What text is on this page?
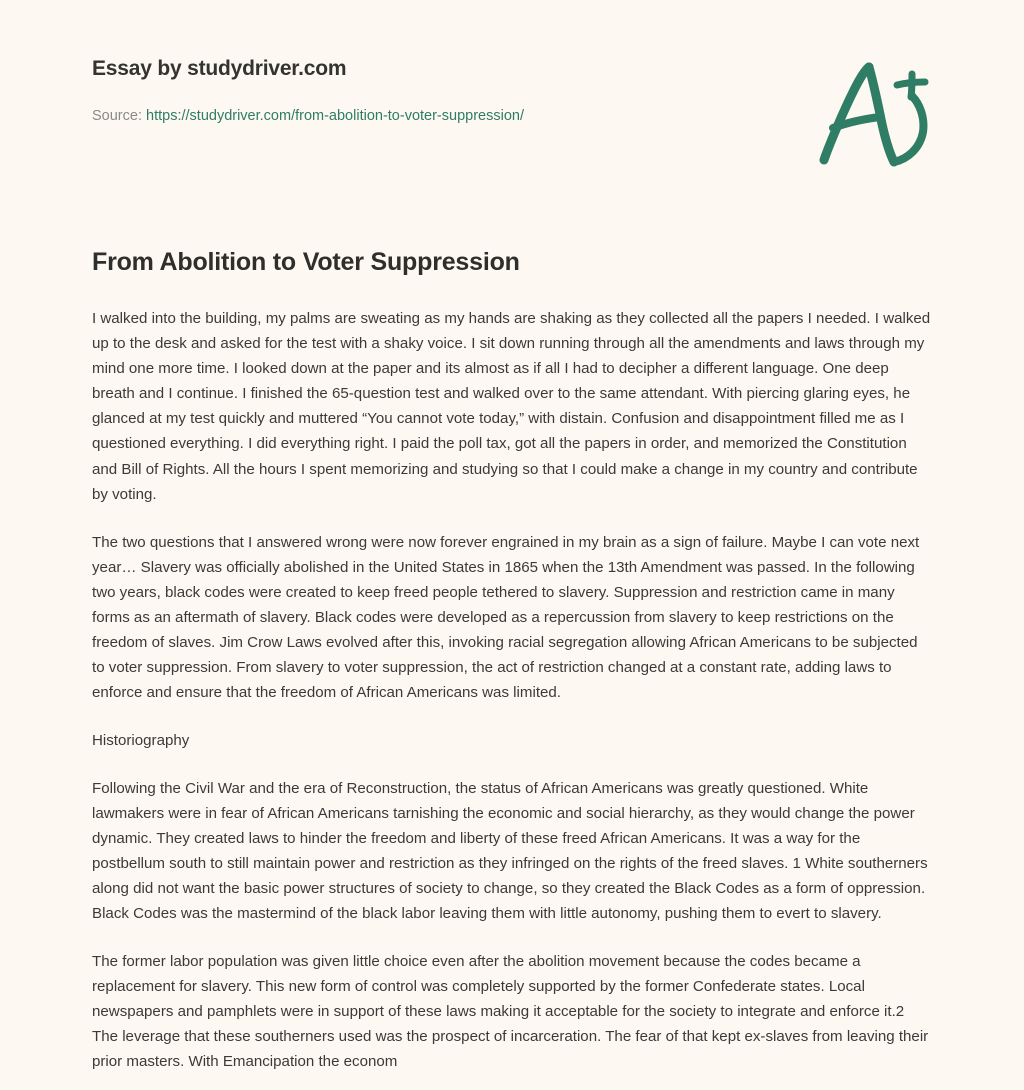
Essay by studydriver.com

Source: https://studydriver.com/from-abolition-to-voter-suppression/
From Abolition to Voter Suppression

I walked into the building, my palms are sweating as my hands are shaking as they collected all the papers I needed. I walked up to the desk and asked for the test with a shaky voice. I sit down running through all the amendments and laws through my mind one more time. I looked down at the paper and its almost as if all I had to decipher a different language. One deep breath and I continue. I finished the 65-question test and walked over to the same attendant. With piercing glaring eyes, he glanced at my test quickly and muttered “You cannot vote today,” with distain. Confusion and disappointment filled me as I questioned everything. I did everything right. I paid the poll tax, got all the papers in order, and memorized the Constitution and Bill of Rights. All the hours I spent memorizing and studying so that I could make a change in my country and contribute by voting.

The two questions that I answered wrong were now forever engrained in my brain as a sign of failure. Maybe I can vote next year… Slavery was officially abolished in the United States in 1865 when the 13th Amendment was passed. In the following two years, black codes were created to keep freed people tethered to slavery. Suppression and restriction came in many forms as an aftermath of slavery. Black codes were developed as a repercussion from slavery to keep restrictions on the freedom of slaves. Jim Crow Laws evolved after this, invoking racial segregation allowing African Americans to be subjected to voter suppression. From slavery to voter suppression, the act of restriction changed at a constant rate, adding laws to enforce and ensure that the freedom of African Americans was limited.

Historiography

Following the Civil War and the era of Reconstruction, the status of African Americans was greatly questioned. White lawmakers were in fear of African Americans tarnishing the economic and social hierarchy, as they would change the power dynamic. They created laws to hinder the freedom and liberty of these freed African Americans. It was a way for the postbellum south to still maintain power and restriction as they infringed on the rights of the freed slaves. 1 White southerners along did not want the basic power structures of society to change, so they created the Black Codes as a form of oppression. Black Codes was the mastermind of the black labor leaving them with little autonomy, pushing them to evert to slavery.

The former labor population was given little choice even after the abolition movement because the codes became a replacement for slavery. This new form of control was completely supported by the former Confederate states. Local newspapers and pamphlets were in support of these laws making it acceptable for the society to integrate and enforce it.2 The leverage that these southerners used was the prospect of incarceration. The fear of that kept ex-slaves from leaving their prior masters. With Emancipation the econom
